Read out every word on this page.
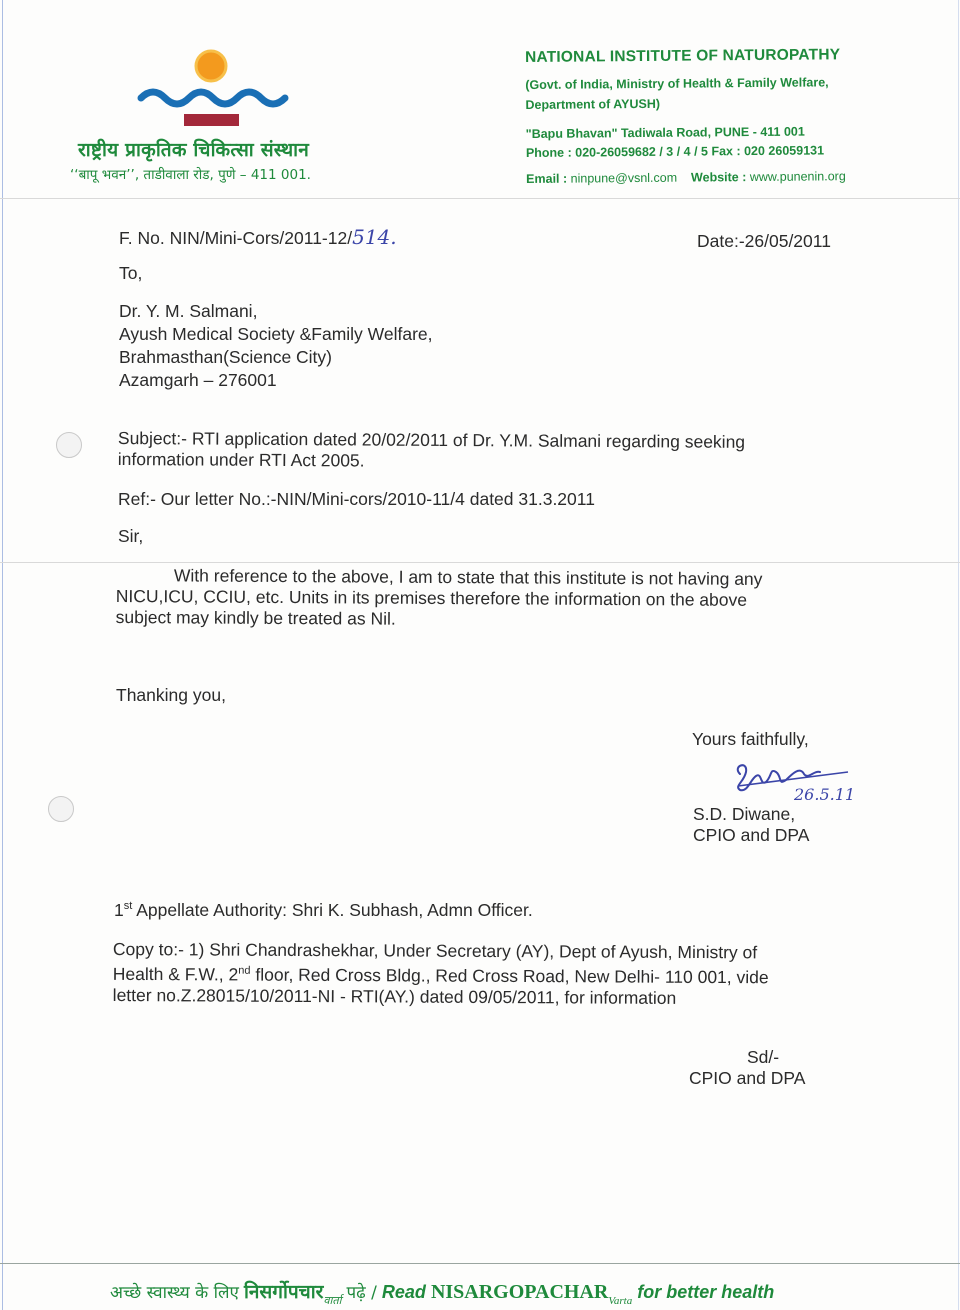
राष्ट्रीय प्राकृतिक चिकित्सा संस्थान
‘‘बापू भवन’’, ताडीवाला रोड, पुणे – 411 001.
NATIONAL INSTITUTE OF NATUROPATHY
(Govt. of India, Ministry of Health & Family Welfare,
Department of AYUSH)
"Bapu Bhavan" Tadiwala Road, PUNE - 411 001
Phone : 020-26059682 / 3 / 4 / 5 Fax : 020 26059131
Email : ninpune@vsnl.com Website : www.punenin.org
F. No. NIN/Mini-Cors/2011-12/514.	Date:-26/05/2011
To,
Dr. Y. M. Salmani,
Ayush Medical Society &Family Welfare,
Brahmasthan(Science City)
Azamgarh – 276001
Subject:- RTI application dated 20/02/2011 of Dr. Y.M. Salmani regarding seeking
information under RTI Act 2005.
Ref:- Our letter No.:-NIN/Mini-cors/2010-11/4 dated 31.3.2011
Sir,
With reference to the above, I am to state that this institute is not having any
NICU,ICU, CCIU, etc. Units in its premises therefore the information on the above
subject may kindly be treated as Nil.
Thanking you,
Yours faithfully,
26.5.11
S.D. Diwane,
CPIO and DPA
1st Appellate Authority: Shri K. Subhash, Admn Officer.
Copy to:- 1) Shri Chandrashekhar, Under Secretary (AY), Dept of Ayush, Ministry of
Health & F.W., 2nd floor, Red Cross Bldg., Red Cross Road, New Delhi- 110 001, vide
letter no.Z.28015/10/2011-NI - RTI(AY.) dated 09/05/2011, for information
Sd/-
CPIO and DPA
अच्छे स्वास्थ्य के लिए निसर्गोपचार$_{वार्ता}$ पढ़े / Read $NISARGOPACHAR_{Varta}$ for better health
